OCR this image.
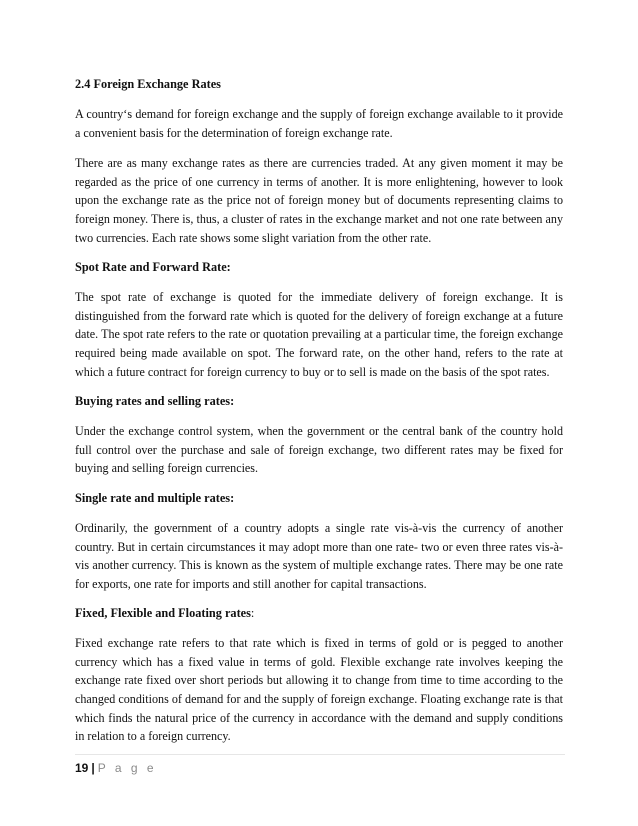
2.4 Foreign Exchange Rates

A country‘s demand for foreign exchange and the supply of foreign exchange available to it provide a convenient basis for the determination of foreign exchange rate.

There are as many exchange rates as there are currencies traded. At any given moment it may be regarded as the price of one currency in terms of another. It is more enlightening, however to look upon the exchange rate as the price not of foreign money but of documents representing claims to foreign money. There is, thus, a cluster of rates in the exchange market and not one rate between any two currencies. Each rate shows some slight variation from the other rate.

Spot Rate and Forward Rate:

The spot rate of exchange is quoted for the immediate delivery of foreign exchange. It is distinguished from the forward rate which is quoted for the delivery of foreign exchange at a future date. The spot rate refers to the rate or quotation prevailing at a particular time, the foreign exchange required being made available on spot. The forward rate, on the other hand, refers to the rate at which a future contract for foreign currency to buy or to sell is made on the basis of the spot rates.

Buying rates and selling rates:

Under the exchange control system, when the government or the central bank of the country hold full control over the purchase and sale of foreign exchange, two different rates may be fixed for buying and selling foreign currencies.

Single rate and multiple rates:

Ordinarily, the government of a country adopts a single rate vis-à-vis the currency of another country. But in certain circumstances it may adopt more than one rate- two or even three rates vis-à-vis another currency. This is known as the system of multiple exchange rates. There may be one rate for exports, one rate for imports and still another for capital transactions.

Fixed, Flexible and Floating rates:

Fixed exchange rate refers to that rate which is fixed in terms of gold or is pegged to another currency which has a fixed value in terms of gold. Flexible exchange rate involves keeping the exchange rate fixed over short periods but allowing it to change from time to time according to the changed conditions of demand for and the supply of foreign exchange. Floating exchange rate is that which finds the natural price of the currency in accordance with the demand and supply conditions in relation to a foreign currency.

19 | P a g e
